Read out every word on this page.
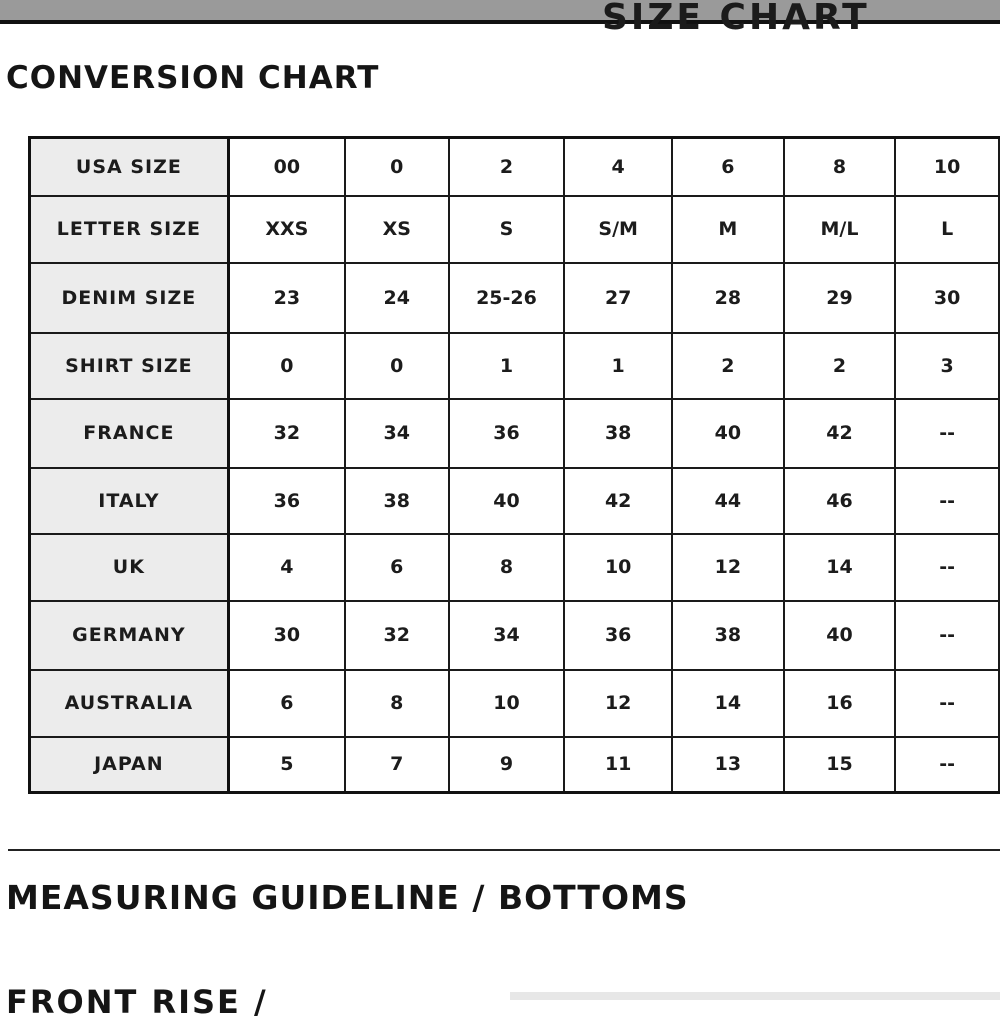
SIZE CHART
CONVERSION CHART
USA SIZE	00	0	2	4	6	8	10
LETTER SIZE	XXS	XS	S	S/M	M	M/L	L
DENIM SIZE	23	24	25-26	27	28	29	30
SHIRT SIZE	0	0	1	1	2	2	3
FRANCE	32	34	36	38	40	42	--
ITALY	36	38	40	42	44	46	--
UK	4	6	8	10	12	14	--
GERMANY	30	32	34	36	38	40	--
AUSTRALIA	6	8	10	12	14	16	--
JAPAN	5	7	9	11	13	15	--
MEASURING GUIDELINE / BOTTOMS
FRONT RISE /
